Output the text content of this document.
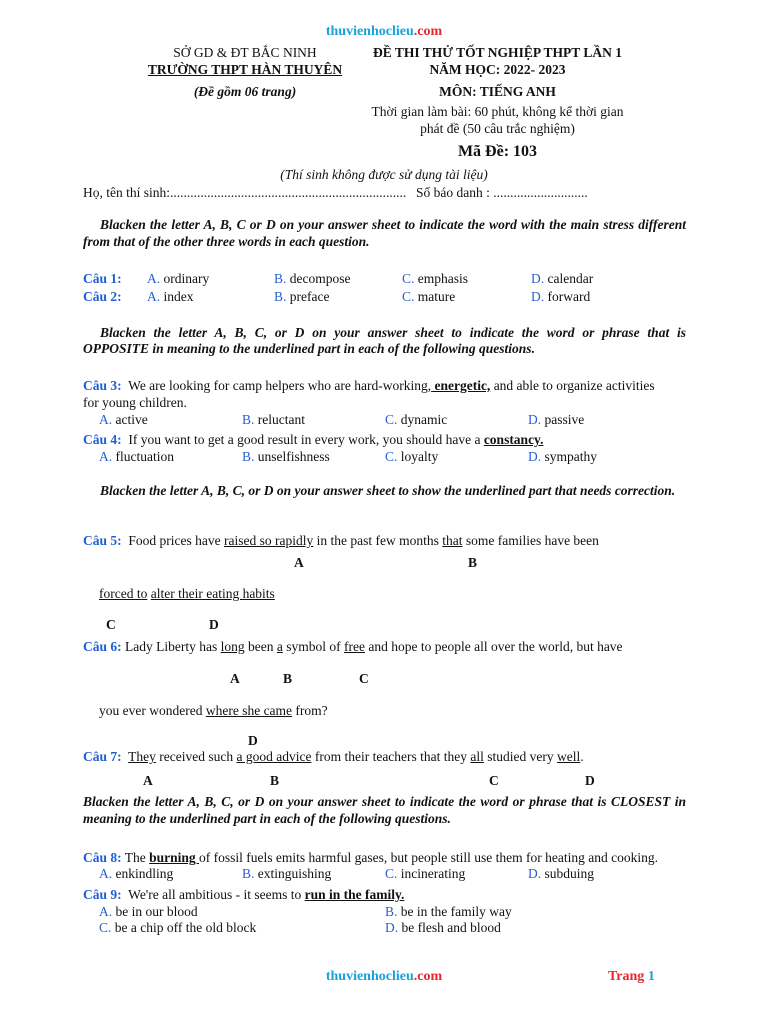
thuvienhoclieu.com
SỞ GD & ĐT BẮC NINH
TRƯỜNG THPT HÀN THUYÊN
(Đề gồm 06 trang)
ĐỀ THI THỬ TỐT NGHIỆP THPT LẦN 1
NĂM HỌC: 2022- 2023
MÔN: TIẾNG ANH
Thời gian làm bài: 60 phút, không kể thời gian
phát đề (50 câu trắc nghiệm)
Mã Đề: 103
(Thí sinh không được sử dụng tài liệu)
Họ, tên thí sinh:...................................................................... Số báo danh : ............................
Blacken the letter A, B, C or D on your answer sheet to indicate the word with the main stress different from that of the other three words in each question.
Câu 1: A. ordinary	B. decompose	C. emphasis	D. calendar
Câu 2: A. index	B. preface	C. mature	D. forward
Blacken the letter A, B, C, or D on your answer sheet to indicate the word or phrase that is
OPPOSITE in meaning to the underlined part in each of the following questions.
Câu 3: We are looking for camp helpers who are hard-working, energetic, and able to organize activities
for young children.
A. active	B. reluctant	C. dynamic	D. passive
Câu 4: If you want to get a good result in every work, you should have a constancy.
A. fluctuation	B. unselfishness	C. loyalty	D. sympathy
Blacken the letter A, B, C, or D on your answer sheet to show the underlined part that needs correction.
Câu 5: Food prices have raised so rapidly in the past few months that some families have been
A	B
forced to alter their eating habits
C	D
Câu 6: Lady Liberty has long been a symbol of free and hope to people all over the world, but have
A	B	C
you ever wondered where she came from?
D
Câu 7: They received such a good advice from their teachers that they all studied very well.
A	B	C	D
Blacken the letter A, B, C, or D on your answer sheet to indicate the word or phrase that is CLOSEST in meaning to the underlined part in each of the following questions.
Câu 8: The burning of fossil fuels emits harmful gases, but people still use them for heating and cooking.
A. enkindling	B. extinguishing	C. incinerating	D. subduing
Câu 9: We're all ambitious - it seems to run in the family.
A. be in our blood	B. be in the family way
C. be a chip off the old block	D. be flesh and blood
thuvienhoclieu.com	Trang 1
